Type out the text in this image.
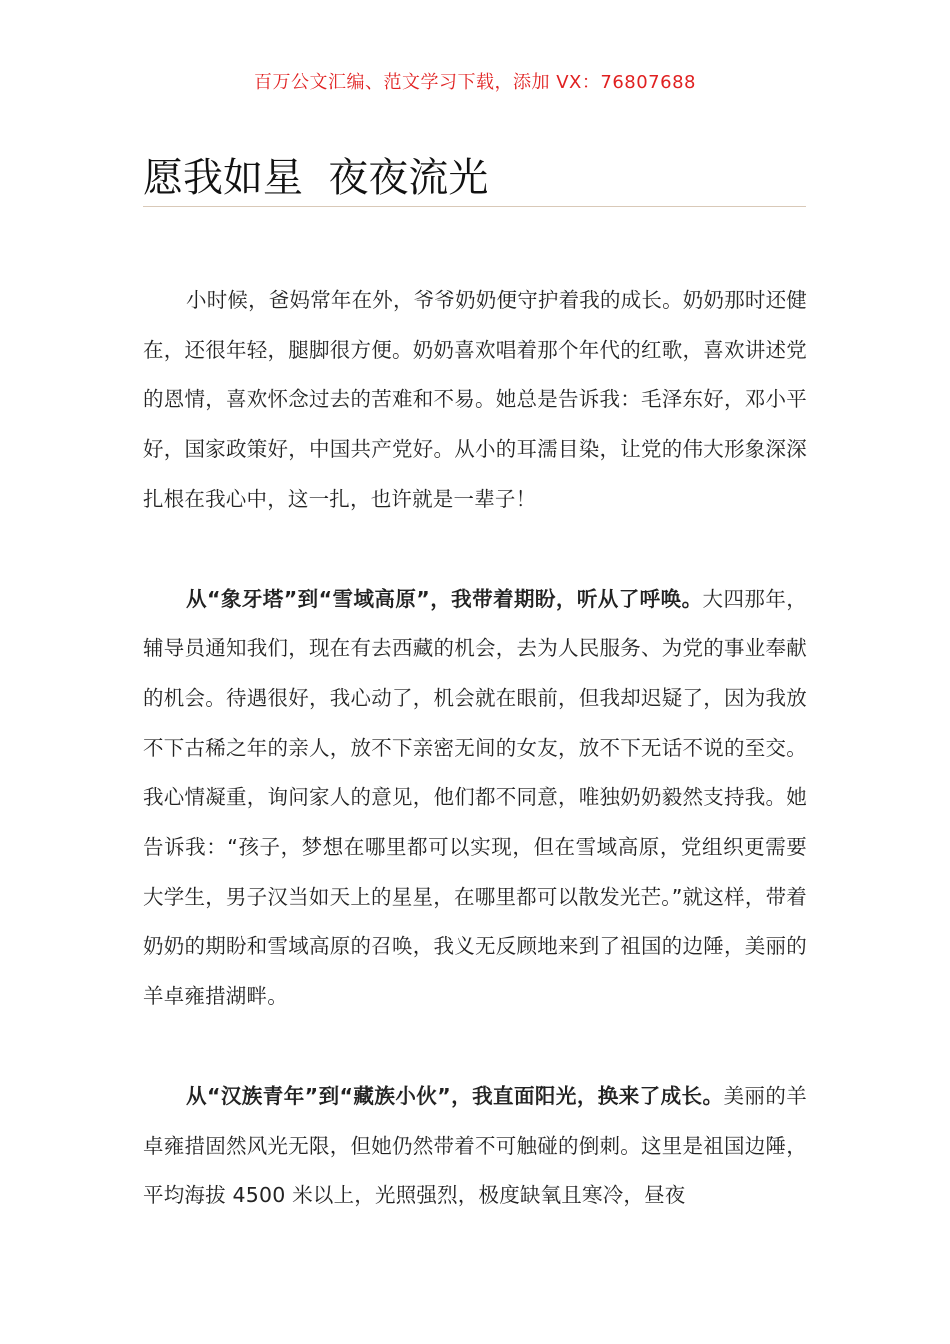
百万公文汇编、范文学习下载，添加 VX：76807688
愿我如星  夜夜流光

小时候，爸妈常年在外，爷爷奶奶便守护着我的成长。奶奶那时还健在，还很年轻，腿脚很方便。奶奶喜欢唱着那个年代的红歌，喜欢讲述党的恩情，喜欢怀念过去的苦难和不易。她总是告诉我：毛泽东好，邓小平好，国家政策好，中国共产党好。从小的耳濡目染，让党的伟大形象深深扎根在我心中，这一扎，也许就是一辈子！

从“象牙塔”到“雪域高原”，我带着期盼，听从了呼唤。大四那年，辅导员通知我们，现在有去西藏的机会，去为人民服务、为党的事业奉献的机会。待遇很好，我心动了，机会就在眼前，但我却迟疑了，因为我放不下古稀之年的亲人，放不下亲密无间的女友，放不下无话不说的至交。我心情凝重，询问家人的意见，他们都不同意，唯独奶奶毅然支持我。她告诉我：“孩子，梦想在哪里都可以实现，但在雪域高原，党组织更需要大学生，男子汉当如天上的星星，在哪里都可以散发光芒。”就这样，带着奶奶的期盼和雪域高原的召唤，我义无反顾地来到了祖国的边陲，美丽的羊卓雍措湖畔。

从“汉族青年”到“藏族小伙”，我直面阳光，换来了成长。美丽的羊卓雍措固然风光无限，但她仍然带着不可触碰的倒刺。这里是祖国边陲，平均海拔 4500 米以上，光照强烈，极度缺氧且寒冷，昼夜
